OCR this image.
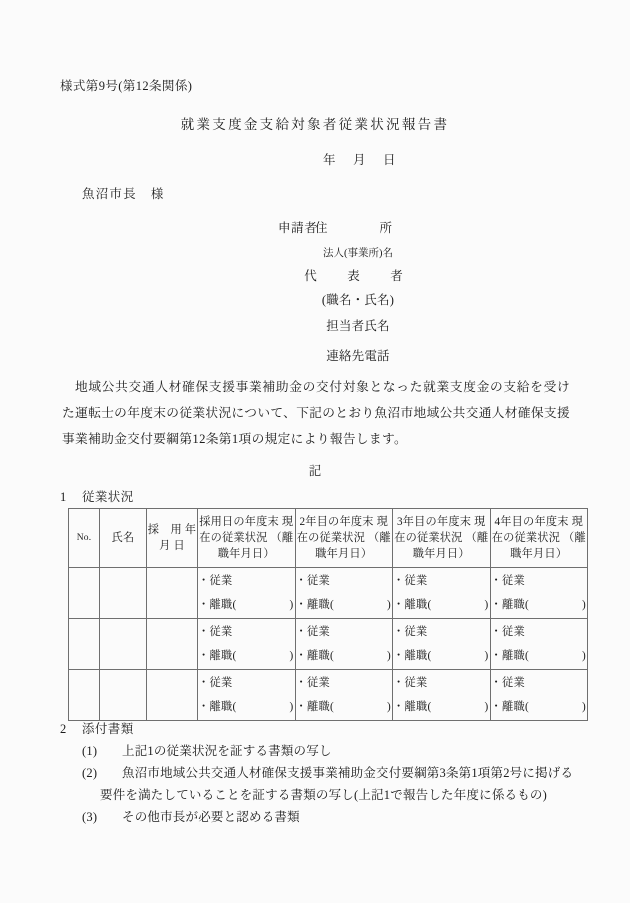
様式第9号(第12条関係)
就業支度金支給対象者従業状況報告書
年 月 日
魚沼市長 様
申請者
住　　所
法人(事業所)名
代　表　者
(職名・氏名)
担当者氏名
連絡先電話
地域公共交通人材確保支援事業補助金の交付対象となった就業支度金の支給を受けた運転士の年度末の従業状況について、下記のとおり魚沼市地域公共交通人材確保支援事業補助金交付要綱第12条第1項の規定により報告します。
記
1 従業状況
No.	氏名	採　用 年 月 日	採用日の年度末 現在の従業状況 （離職年月日）	2年目の年度末 現在の従業状況 （離職年月日）	3年目の年度末 現在の従業状況 （離職年月日）	4年目の年度末 現在の従業状況 （離職年月日）

			・従業
・離職( )	・従業
・離職( )	・従業
・離職( )	・従業
・離職( )

			・従業
・離職( )	・従業
・離職( )	・従業
・離職( )	・従業
・離職( )

			・従業
・離職( )	・従業
・離職( )	・従業
・離職( )	・従業
・離職( )
2 添付書類
(1) 上記1の従業状況を証する書類の写し
(2) 魚沼市地域公共交通人材確保支援事業補助金交付要綱第3条第1項第2号に掲げる
要件を満たしていることを証する書類の写し(上記1で報告した年度に係るもの)
(3) その他市長が必要と認める書類
